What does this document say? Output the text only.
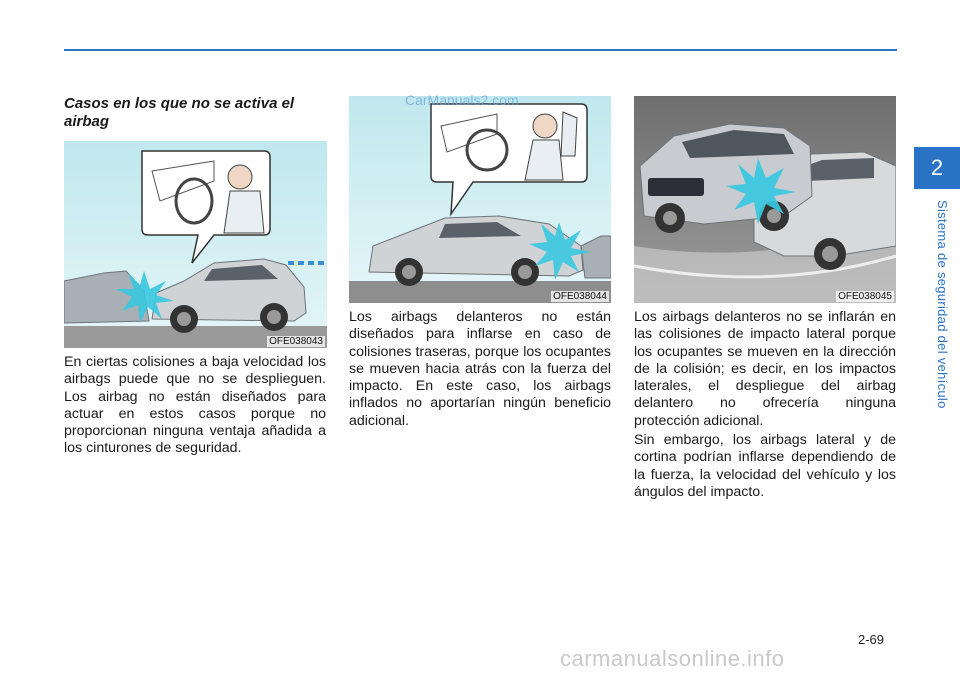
2
Sistema de seguridad del vehículo
Casos en los que no se activa el airbag
OFE038043
OFE038044	OFE038045
CarManuals2.com

En ciertas colisiones a baja velocidad los airbags puede que no se desplieguen. Los airbag no están diseñados para actuar en estos casos porque no proporcionan ninguna ventaja añadida a los cinturones de seguridad.

Los airbags delanteros no están diseñados para inflarse en caso de colisiones traseras, porque los ocupantes se mueven hacia atrás con la fuerza del impacto. En este caso, los airbags inflados no aportarían ningún beneficio adicional.

Los airbags delanteros no se inflarán en las colisiones de impacto lateral porque los ocupantes se mueven en la dirección de la colisión; es decir, en los impactos laterales, el despliegue del airbag delantero no ofrecería ninguna protección adicional.

Sin embargo, los airbags lateral y de cortina podrían inflarse dependiendo de la fuerza, la velocidad del vehículo y los ángulos del impacto.

2-69
carmanualsonline.info
